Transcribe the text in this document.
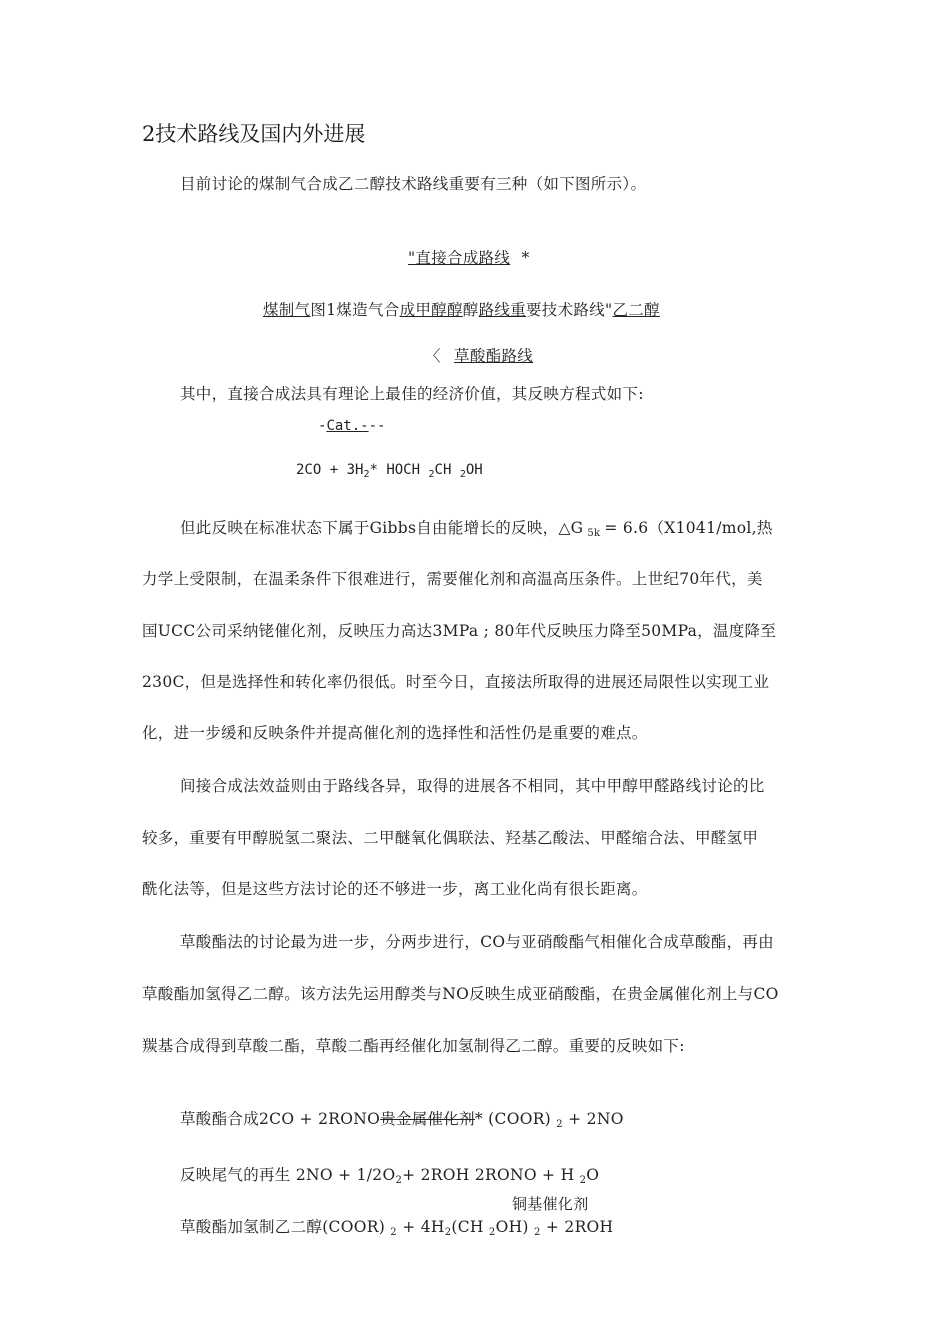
2技术路线及国内外进展
目前讨论的煤制气合成乙二醇技术路线重要有三种（如下图所示）。
"直接合成路线 *
煤制气图1煤造气合成甲醇醇醇路线重要技术路线"乙二醇
〈 草酸酯路线
其中，直接合成法具有理论上最佳的经济价值，其反映方程式如下:
-Cat.---
$2CO + 3H_2*$ HOCH $_2$CH $_2$OH
但此反映在标准状态下属于Gibbs自由能增长的反映，△G $_{5k}$ = 6.6（X1041/mol,热
力学上受限制，在温柔条件下很难进行，需要催化剂和高温高压条件。上世纪70年代，美
国UCC公司采纳铑催化剂，反映压力高达3MPa ; 80年代反映压力降至50MPa，温度降至
230C，但是选择性和转化率仍很低。时至今日，直接法所取得的进展还局限性以实现工业
化，进一步缓和反映条件并提高催化剂的选择性和活性仍是重要的难点。
间接合成法效益则由于路线各异，取得的进展各不相同，其中甲醇甲醛路线讨论的比
较多，重要有甲醇脱氢二聚法、二甲醚氧化偶联法、羟基乙酸法、甲醛缩合法、甲醛氢甲
酰化法等，但是这些方法讨论的还不够进一步，离工业化尚有很长距离。
草酸酯法的讨论最为进一步，分两步进行，CO与亚硝酸酯气相催化合成草酸酯，再由
草酸酯加氢得乙二醇。该方法先运用醇类与NO反映生成亚硝酸酯，在贵金属催化剂上与CO
羰基合成得到草酸二酯，草酸二酯再经催化加氢制得乙二醇。重要的反映如下:
草酸酯合成2CO + 2RONO贵金属催化剂* (COOR) $_2$ + 2NO
反映尾气的再生 $2NO + 1/2O_2+ 2ROH$ 2RONO + H $_2$O
铜基催化剂
草酸酯加氢制乙二醇(COOR) $_2 + 4H_2(CH$ $_2$OH) $_2$ + 2ROH
